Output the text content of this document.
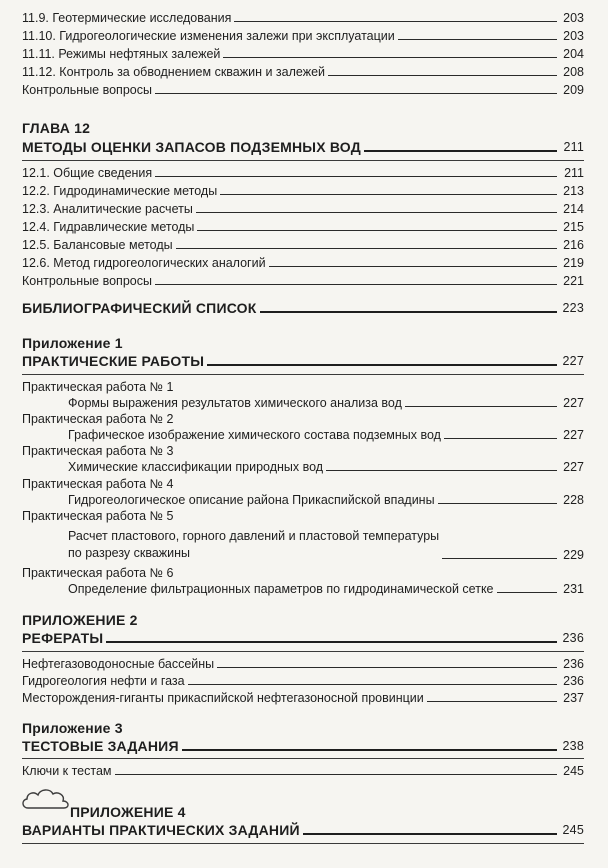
11.9. Геотермические исследования	203
11.10. Гидрогеологические изменения залежи при эксплуатации	203
11.11. Режимы нефтяных залежей	204
11.12. Контроль за обводнением скважин и залежей	208
Контрольные вопросы	209
ГЛАВА 12
МЕТОДЫ ОЦЕНКИ ЗАПАСОВ ПОДЗЕМНЫХ ВОД	211
12.1. Общие сведения	211
12.2. Гидродинамические методы	213
12.3. Аналитические расчеты	214
12.4. Гидравлические методы	215
12.5. Балансовые методы	216
12.6. Метод гидрогеологических аналогий	219
Контрольные вопросы	221
БИБЛИОГРАФИЧЕСКИЙ СПИСОК	223
Приложение 1
ПРАКТИЧЕСКИЕ РАБОТЫ	227
Практическая работа № 1
Формы выражения результатов химического анализа вод	227
Практическая работа № 2
Графическое изображение химического состава подземных вод	227
Практическая работа № 3
Химические классификации природных вод	227
Практическая работа № 4
Гидрогеологическое описание района Прикаспийской впадины	228
Практическая работа № 5
Расчет пластового, горного давлений и пластовой температуры
по разрезу скважины	229
Практическая работа № 6
Определение фильтрационных параметров по гидродинамической сетке	231
ПРИЛОЖЕНИЕ 2
РЕФЕРАТЫ	236
Нефтегазоводоносные бассейны	236
Гидрогеология нефти и газа	236
Месторождения-гиганты прикаспийской нефтегазоносной провинции	237
Приложение 3
ТЕСТОВЫЕ ЗАДАНИЯ	238
Ключи к тестам	245
ПРИЛОЖЕНИЕ 4
ВАРИАНТЫ ПРАКТИЧЕСКИХ ЗАДАНИЙ	245
